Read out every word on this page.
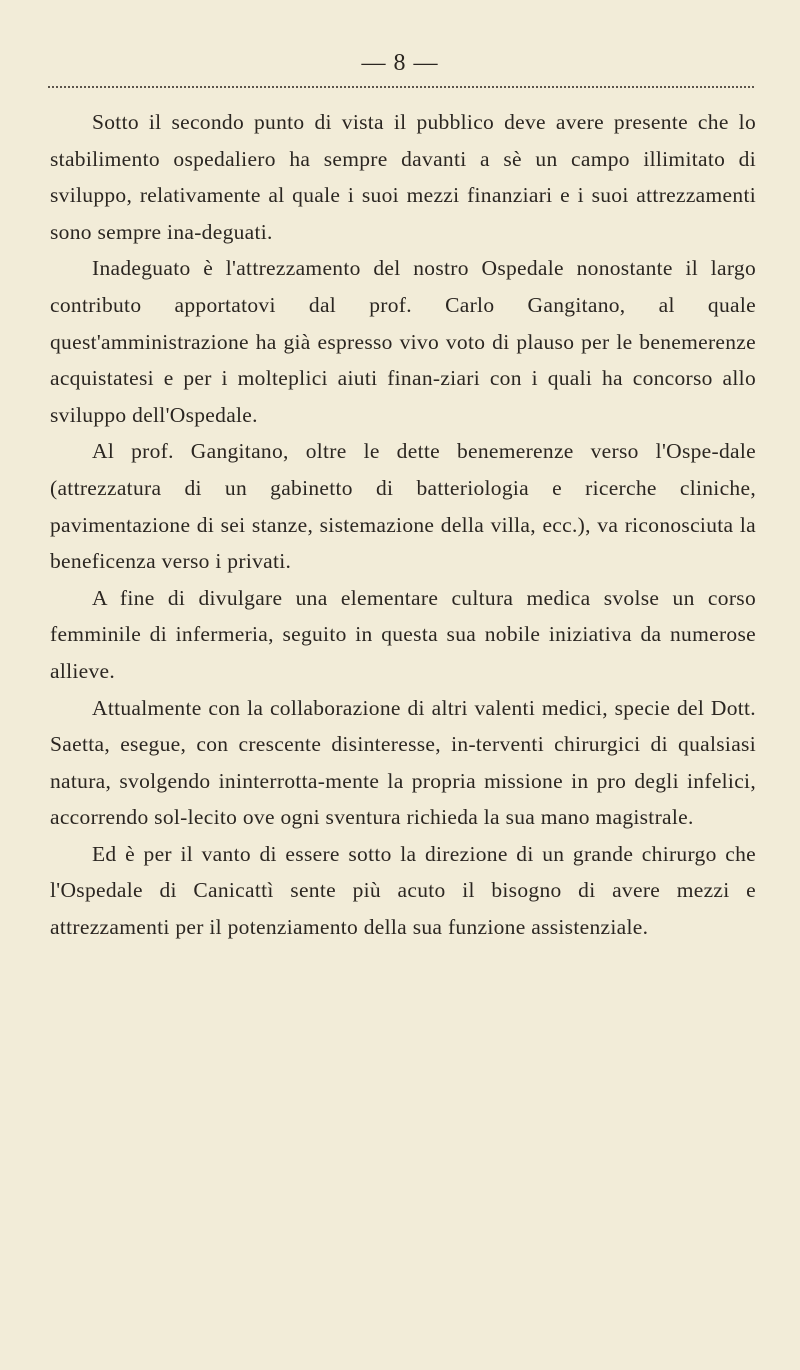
— 8 —

Sotto il secondo punto di vista il pubblico deve avere presente che lo stabilimento ospedaliero ha sempre davanti a sè un campo illimitato di sviluppo, relativamente al quale i suoi mezzi finanziari e i suoi attrezzamenti sono sempre ina-deguati.

Inadeguato è l'attrezzamento del nostro Ospedale nonostante il largo contributo apportatovi dal prof. Carlo Gangitano, al quale quest'amministrazione ha già espresso vivo voto di plauso per le benemerenze acquistatesi e per i molteplici aiuti finan-ziari con i quali ha concorso allo sviluppo dell'Ospedale.

Al prof. Gangitano, oltre le dette benemerenze verso l'Ospe-dale (attrezzatura di un gabinetto di batteriologia e ricerche cliniche, pavimentazione di sei stanze, sistemazione della villa, ecc.), va riconosciuta la beneficenza verso i privati.

A fine di divulgare una elementare cultura medica svolse un corso femminile di infermeria, seguito in questa sua nobile iniziativa da numerose allieve.

Attualmente con la collaborazione di altri valenti medici, specie del Dott. Saetta, esegue, con crescente disinteresse, in-terventi chirurgici di qualsiasi natura, svolgendo ininterrotta-mente la propria missione in pro degli infelici, accorrendo sol-lecito ove ogni sventura richieda la sua mano magistrale.

Ed è per il vanto di essere sotto la direzione di un grande chirurgo che l'Ospedale di Canicattì sente più acuto il bisogno di avere mezzi e attrezzamenti per il potenziamento della sua funzione assistenziale.
